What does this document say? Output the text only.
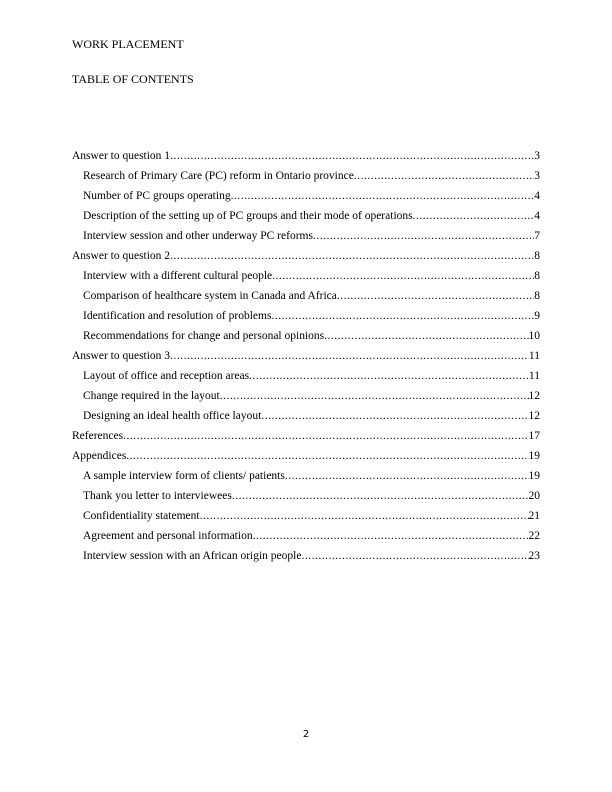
WORK PLACEMENT
TABLE OF CONTENTS
Answer to question 1 .....	3
Research of Primary Care (PC) reform in Ontario province .....	3
Number of PC groups operating .....	4
Description of the setting up of PC groups and their mode of operations .....	4
Interview session and other underway PC reforms .....	7
Answer to question 2 .....	8
Interview with a different cultural people .....	8
Comparison of healthcare system in Canada and Africa .....	8
Identification and resolution of problems .....	9
Recommendations for change and personal opinions .....	10
Answer to question 3 .....	11
Layout of office and reception areas .....	11
Change required in the layout .....	12
Designing an ideal health office layout .....	12
References .....	17
Appendices .....	19
A sample interview form of clients/ patients .....	19
Thank you letter to interviewees .....	20
Confidentiality statement .....	21
Agreement and personal information .....	22
Interview session with an African origin people .....	23
2
